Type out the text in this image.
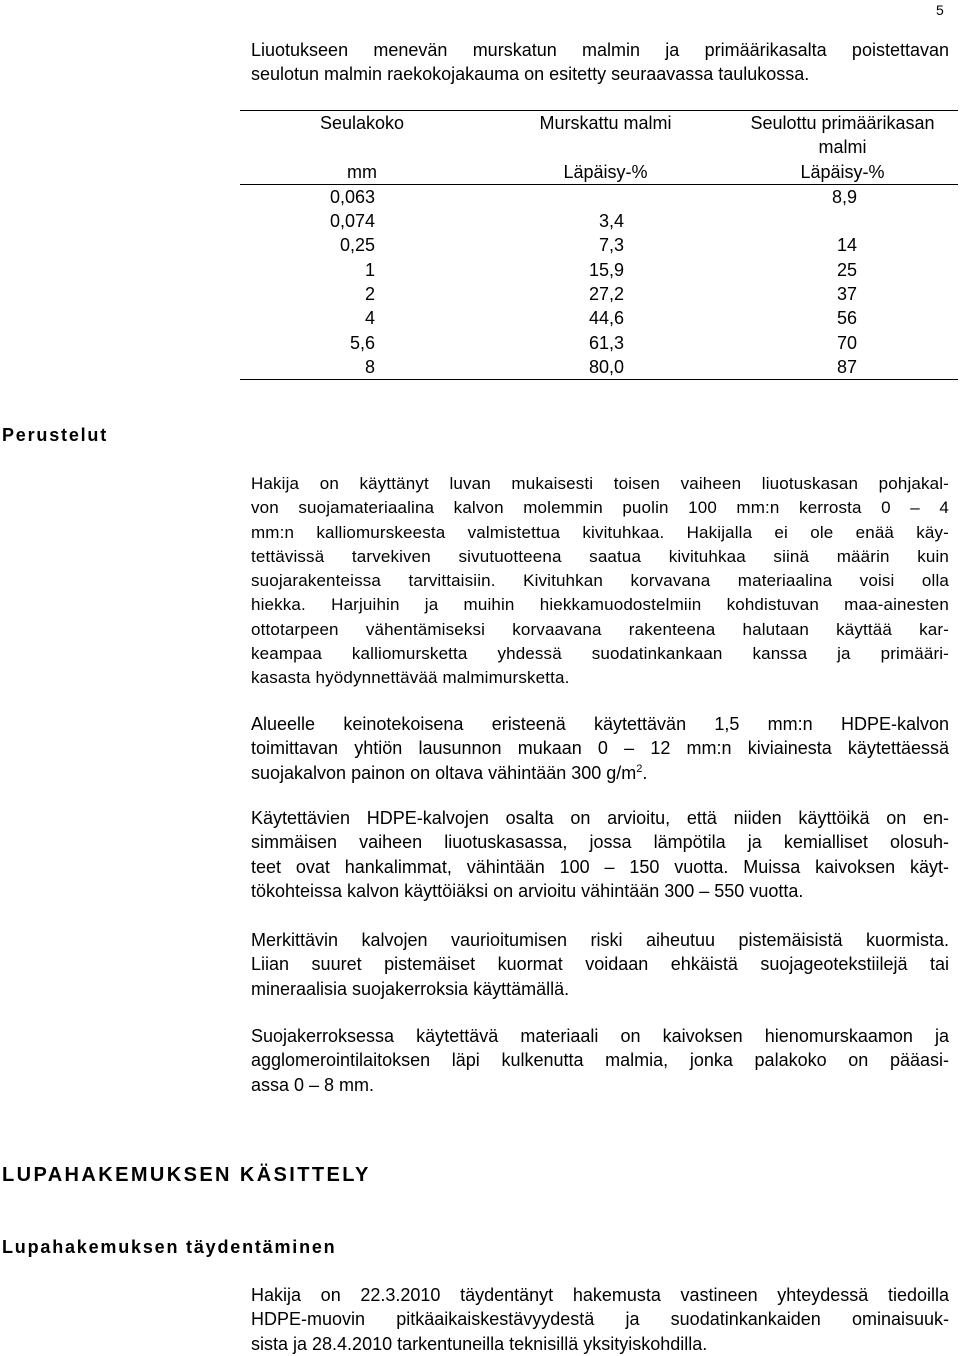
5
Liuotukseen menevän murskatun malmin ja primäärikasalta poistettavan
seulotun malmin raekokojakauma on esitetty seuraavassa taulukossa.
Seulakoko	Murskattu malmi	Seulottu primäärikasan
		malmi
mm	Läpäisy-%	Läpäisy-%
0,063		8,9
0,074	3,4	
0,25	7,3	14
1	15,9	25
2	27,2	37
4	44,6	56
5,6	61,3	70
8	80,0	87
Perustelut
Hakija on käyttänyt luvan mukaisesti toisen vaiheen liuotuskasan pohjakal-
von suojamateriaalina kalvon molemmin puolin 100 mm:n kerrosta 0 – 4
mm:n kalliomurskeesta valmistettua kivituhkaa. Hakijalla ei ole enää käy-
tettävissä tarvekiven sivutuotteena saatua kivituhkaa siinä määrin kuin
suojarakenteissa tarvittaisiin. Kivituhkan korvavana materiaalina voisi olla
hiekka. Harjuihin ja muihin hiekkamuodostelmiin kohdistuvan maa-ainesten
ottotarpeen vähentämiseksi korvaavana rakenteena halutaan käyttää kar-
keampaa kalliomursketta yhdessä suodatinkankaan kanssa ja primääri-
kasasta hyödynnettävää malmimursketta.
Alueelle keinotekoisena eristeenä käytettävän 1,5 mm:n HDPE-kalvon
toimittavan yhtiön lausunnon mukaan 0 – 12 mm:n kiviainesta käytettäessä
suojakalvon painon on oltava vähintään 300 $g/m^2$.
Käytettävien HDPE-kalvojen osalta on arvioitu, että niiden käyttöikä on en-
simmäisen vaiheen liuotuskasassa, jossa lämpötila ja kemialliset olosuh-
teet ovat hankalimmat, vähintään 100 – 150 vuotta. Muissa kaivoksen käyt-
tökohteissa kalvon käyttöiäksi on arvioitu vähintään 300 – 550 vuotta.
Merkittävin kalvojen vaurioitumisen riski aiheutuu pistemäisistä kuormista.
Liian suuret pistemäiset kuormat voidaan ehkäistä suojageotekstiilejä tai
mineraalisia suojakerroksia käyttämällä.
Suojakerroksessa käytettävä materiaali on kaivoksen hienomurskaamon ja
agglomerointilaitoksen läpi kulkenutta malmia, jonka palakoko on pääasi-
assa 0 – 8 mm.
LUPAHAKEMUKSEN KÄSITTELY
Lupahakemuksen täydentäminen
Hakija on 22.3.2010 täydentänyt hakemusta vastineen yhteydessä tiedoilla
HDPE-muovin pitkäaikaiskestävyydestä ja suodatinkankaiden ominaisuuk-
sista ja 28.4.2010 tarkentuneilla teknisillä yksityiskohdilla.
